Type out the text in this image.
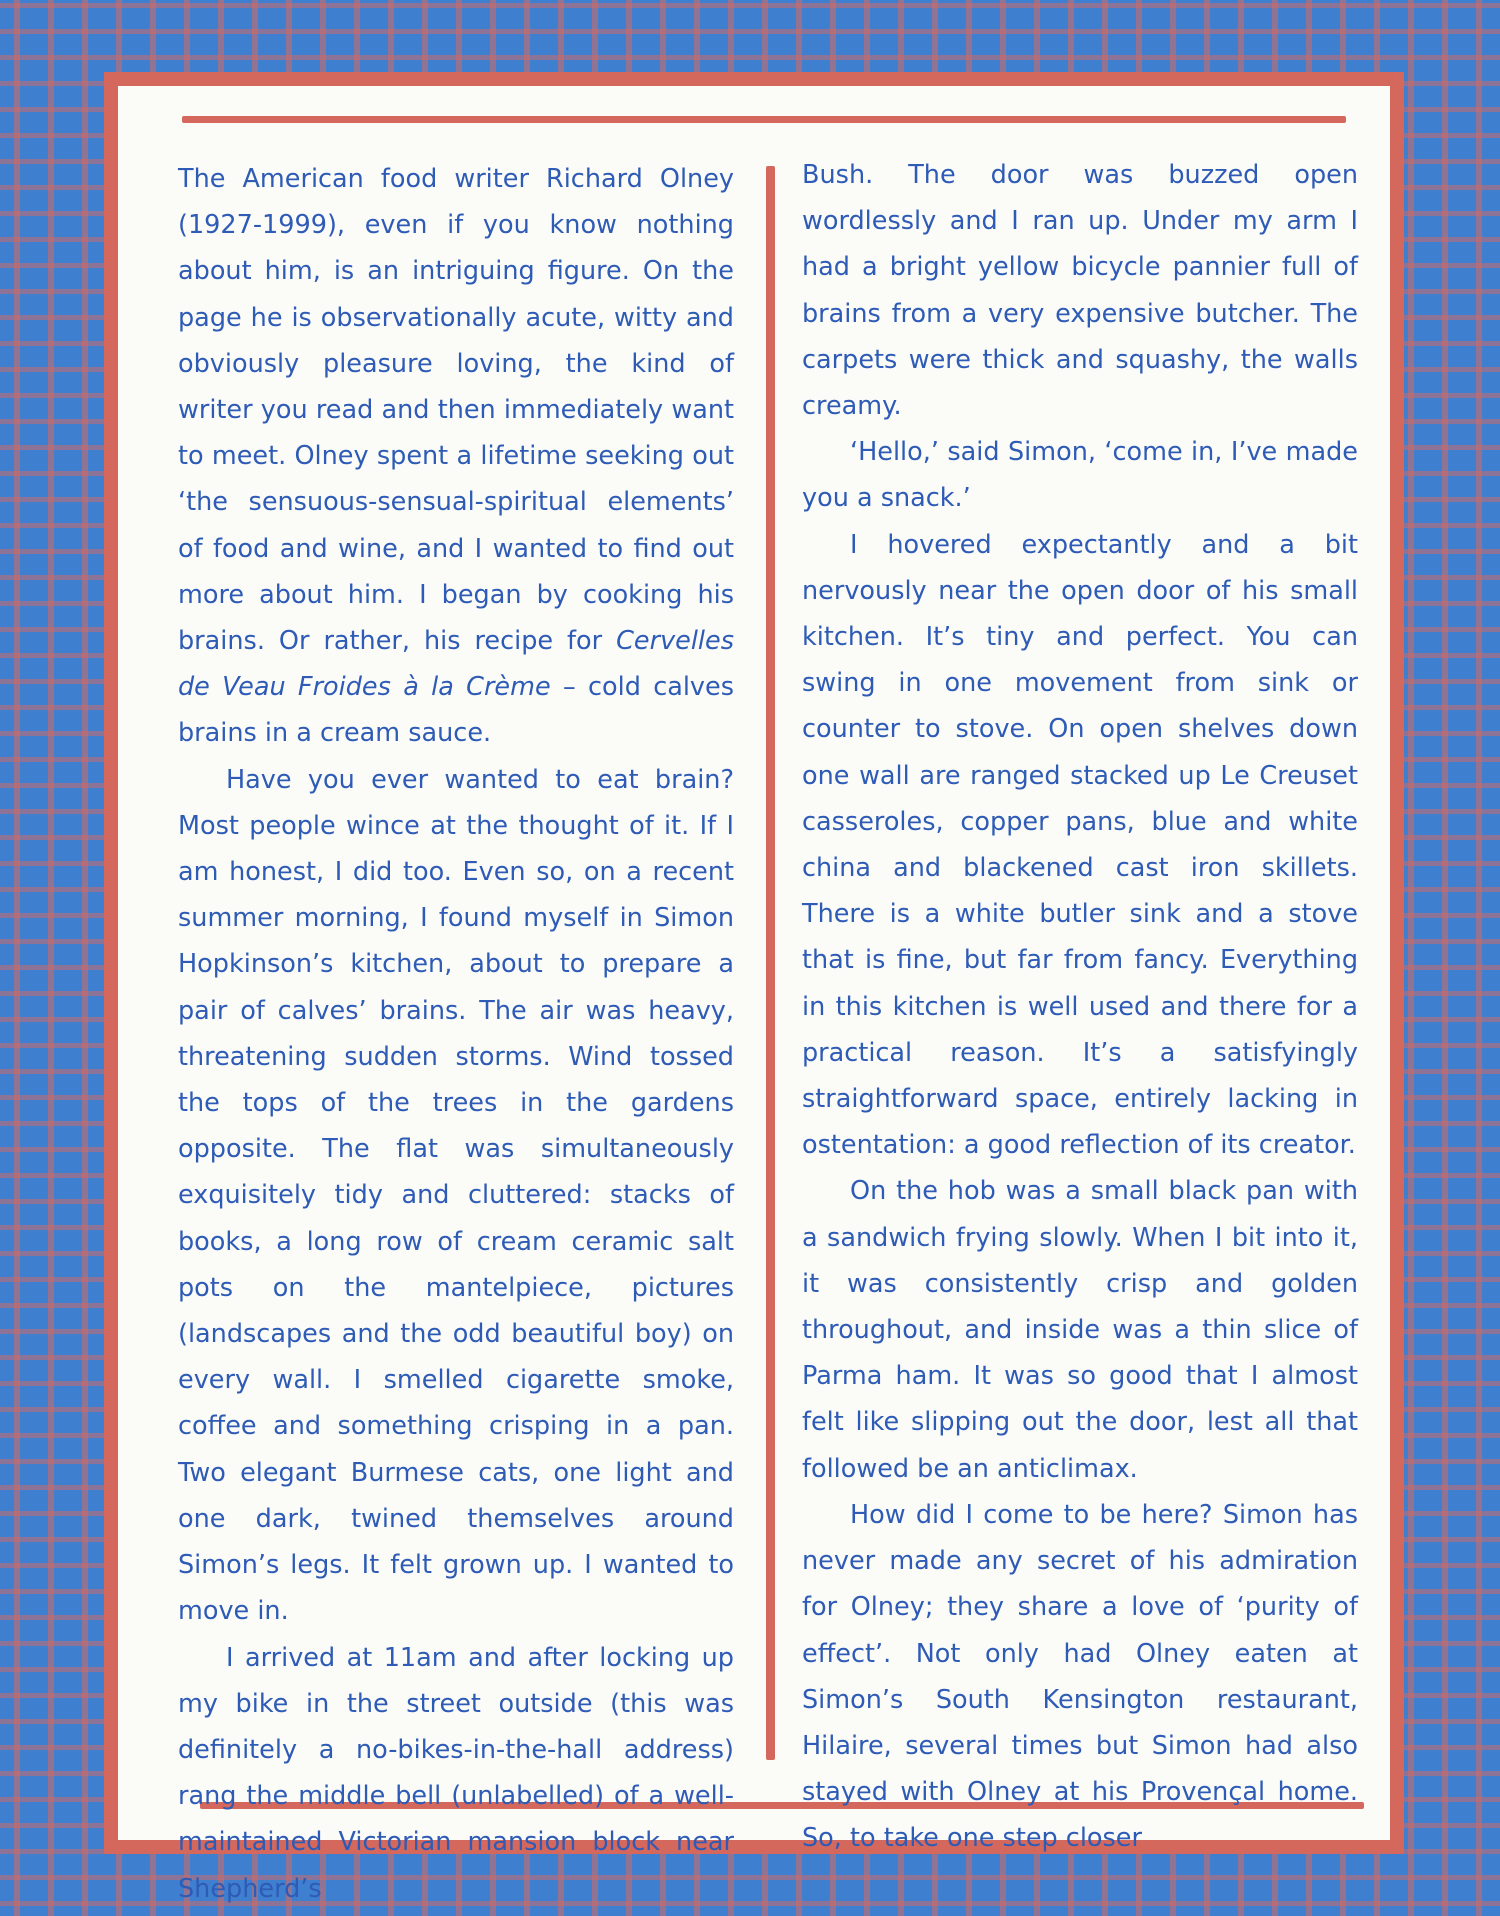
The American food writer Richard Olney (1927-1999), even if you know nothing about him, is an intriguing figure. On the page he is observationally acute, witty and obviously pleasure loving, the kind of writer you read and then immediately want to meet. Olney spent a lifetime seeking out ‘the sensuous-sensual-spiritual elements’ of food and wine, and I wanted to find out more about him. I began by cooking his brains. Or rather, his recipe for Cervelles de Veau Froides à la Crème – cold calves brains in a cream sauce.

Have you ever wanted to eat brain? Most people wince at the thought of it. If I am honest, I did too. Even so, on a recent summer morning, I found myself in Simon Hopkinson’s kitchen, about to prepare a pair of calves’ brains. The air was heavy, threatening sudden storms. Wind tossed the tops of the trees in the gardens opposite. The flat was simultaneously exquisitely tidy and cluttered: stacks of books, a long row of cream ceramic salt pots on the mantelpiece, pictures (landscapes and the odd beautiful boy) on every wall. I smelled cigarette smoke, coffee and something crisping in a pan. Two elegant Burmese cats, one light and one dark, twined themselves around Simon’s legs. It felt grown up. I wanted to move in.

I arrived at 11am and after locking up my bike in the street outside (this was definitely a no-bikes-in-the-hall address) rang the middle bell (unlabelled) of a well-maintained Victorian mansion block near Shepherd’s

Bush. The door was buzzed open wordlessly and I ran up. Under my arm I had a bright yellow bicycle pannier full of brains from a very expensive butcher. The carpets were thick and squashy, the walls creamy.

‘Hello,’ said Simon, ‘come in, I’ve made you a snack.’

I hovered expectantly and a bit nervously near the open door of his small kitchen. It’s tiny and perfect. You can swing in one movement from sink or counter to stove. On open shelves down one wall are ranged stacked up Le Creuset casseroles, copper pans, blue and white china and blackened cast iron skillets. There is a white butler sink and a stove that is fine, but far from fancy. Everything in this kitchen is well used and there for a practical reason. It’s a satisfyingly straightforward space, entirely lacking in ostentation: a good reflection of its creator.

On the hob was a small black pan with a sandwich frying slowly. When I bit into it, it was consistently crisp and golden throughout, and inside was a thin slice of Parma ham. It was so good that I almost felt like slipping out the door, lest all that followed be an anticlimax.

How did I come to be here? Simon has never made any secret of his admiration for Olney; they share a love of ‘purity of effect’. Not only had Olney eaten at Simon’s South Kensington restaurant, Hilaire, several times but Simon had also stayed with Olney at his Provençal home. So, to take one step closer
